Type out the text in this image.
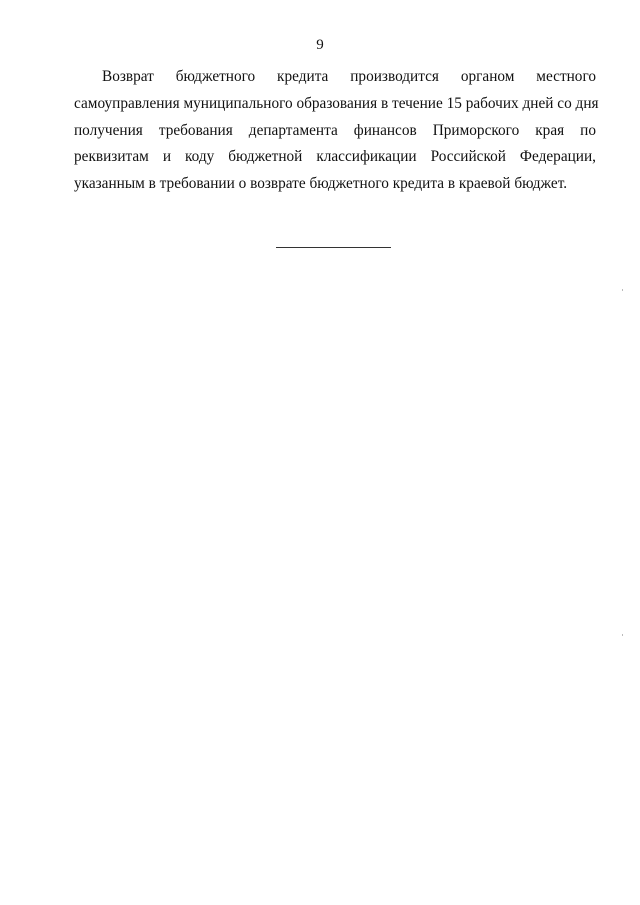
9

Возврат бюджетного кредита производится органом местного
самоуправления муниципального образования в течение 15 рабочих дней со дня
получения требования департамента финансов Приморского края по
реквизитам и коду бюджетной классификации Российской Федерации,
указанным в требовании о возврате бюджетного кредита в краевой бюджет.
